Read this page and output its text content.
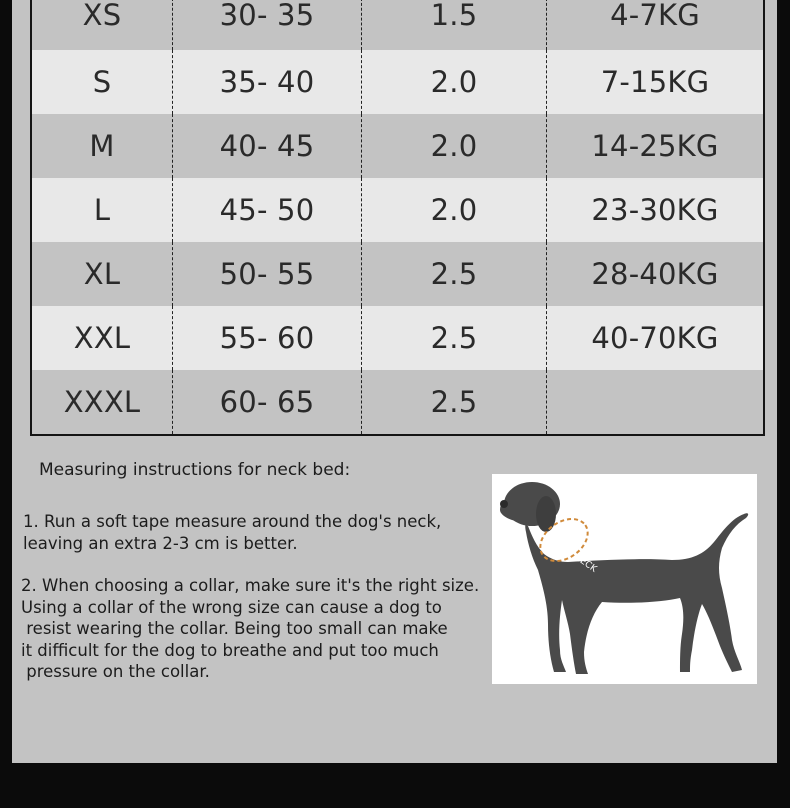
XS	30- 35	1.5	4-7KG
S	35- 40	2.0	7-15KG
M	40- 45	2.0	14-25KG
L	45- 50	2.0	23-30KG
XL	50- 55	2.5	28-40KG
XXL	55- 60	2.5	40-70KG
XXXL	60- 65	2.5
Measuring instructions for neck bed:
1. Run a soft tape measure around the dog's neck,
leaving an extra 2-3 cm is better.
2. When choosing a collar, make sure it's the right size.
Using a collar of the wrong size can cause a dog to
resist wearing the collar. Being too small can make
it difficult for the dog to breathe and put too much
pressure on the collar.
NECK
